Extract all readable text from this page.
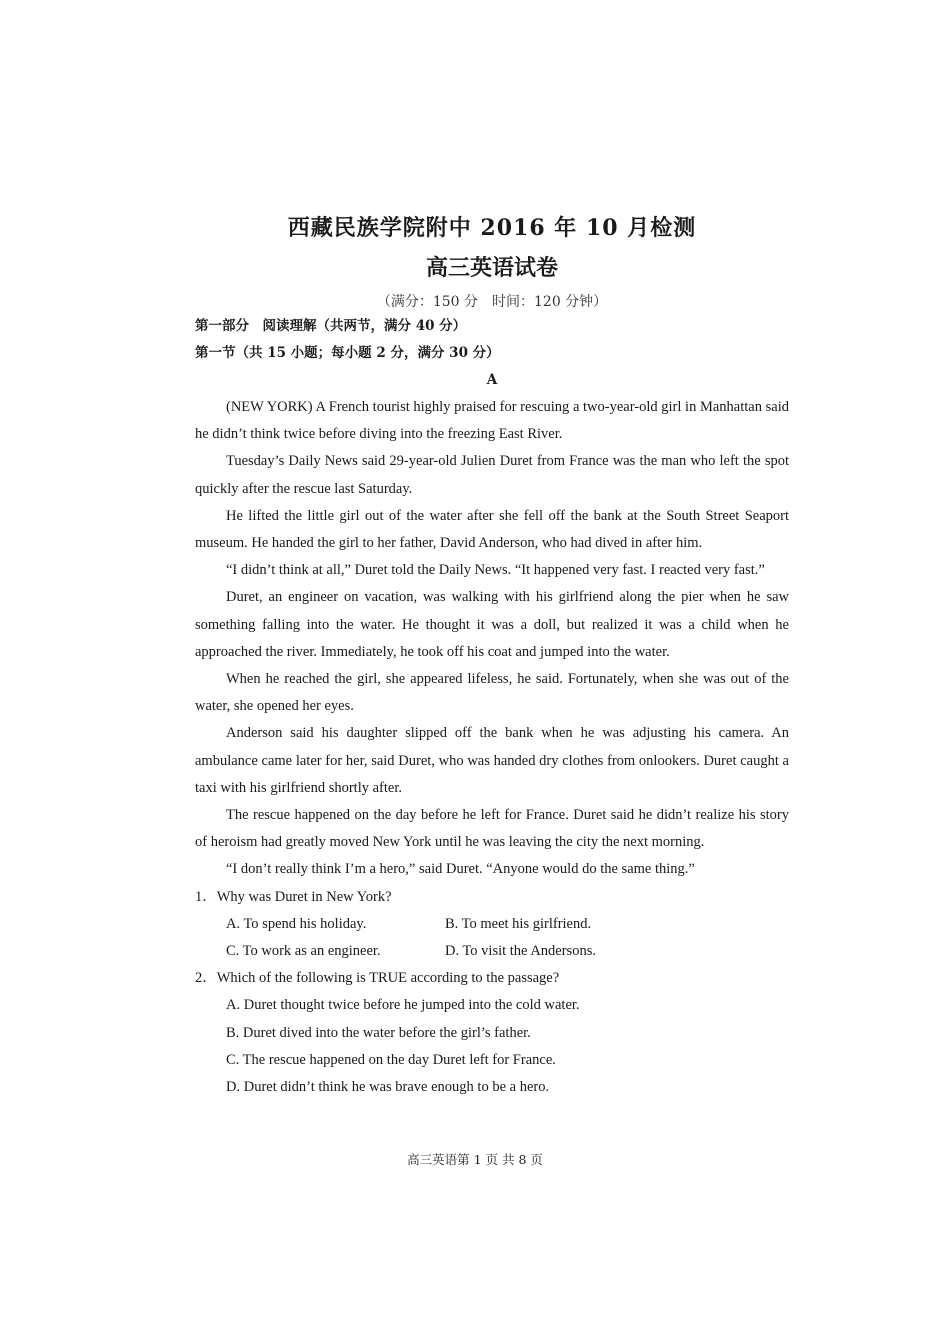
西藏民族学院附中 2016 年 10 月检测
高三英语试卷
（满分：150 分　时间：120 分钟）
第一部分　阅读理解（共两节，满分 40 分）
第一节（共 15 小题；每小题 2 分，满分 30 分）
A

(NEW YORK) A French tourist highly praised for rescuing a two-year-old girl in Manhattan said he didn’t think twice before diving into the freezing East River.

Tuesday’s Daily News said 29-year-old Julien Duret from France was the man who left the spot quickly after the rescue last Saturday.

He lifted the little girl out of the water after she fell off the bank at the South Street Seaport museum. He handed the girl to her father, David Anderson, who had dived in after him.

“I didn’t think at all,” Duret told the Daily News. “It happened very fast. I reacted very fast.”

Duret, an engineer on vacation, was walking with his girlfriend along the pier when he saw something falling into the water. He thought it was a doll, but realized it was a child when he approached the river. Immediately, he took off his coat and jumped into the water.

When he reached the girl, she appeared lifeless, he said. Fortunately, when she was out of the water, she opened her eyes.

Anderson said his daughter slipped off the bank when he was adjusting his camera. An ambulance came later for her, said Duret, who was handed dry clothes from onlookers. Duret caught a taxi with his girlfriend shortly after.

The rescue happened on the day before he left for France. Duret said he didn’t realize his story of heroism had greatly moved New York until he was leaving the city the next morning.

“I don’t really think I’m a hero,” said Duret. “Anyone would do the same thing.”

1．Why was Duret in New York?

A. To spend his holiday.	B. To meet his girlfriend.
C. To work as an engineer.	D. To visit the Andersons.

2．Which of the following is TRUE according to the passage?

A. Duret thought twice before he jumped into the cold water.
B. Duret dived into the water before the girl’s father.
C. The rescue happened on the day Duret left for France.
D. Duret didn’t think he was brave enough to be a hero.
高三英语第 1 页 共 8 页
